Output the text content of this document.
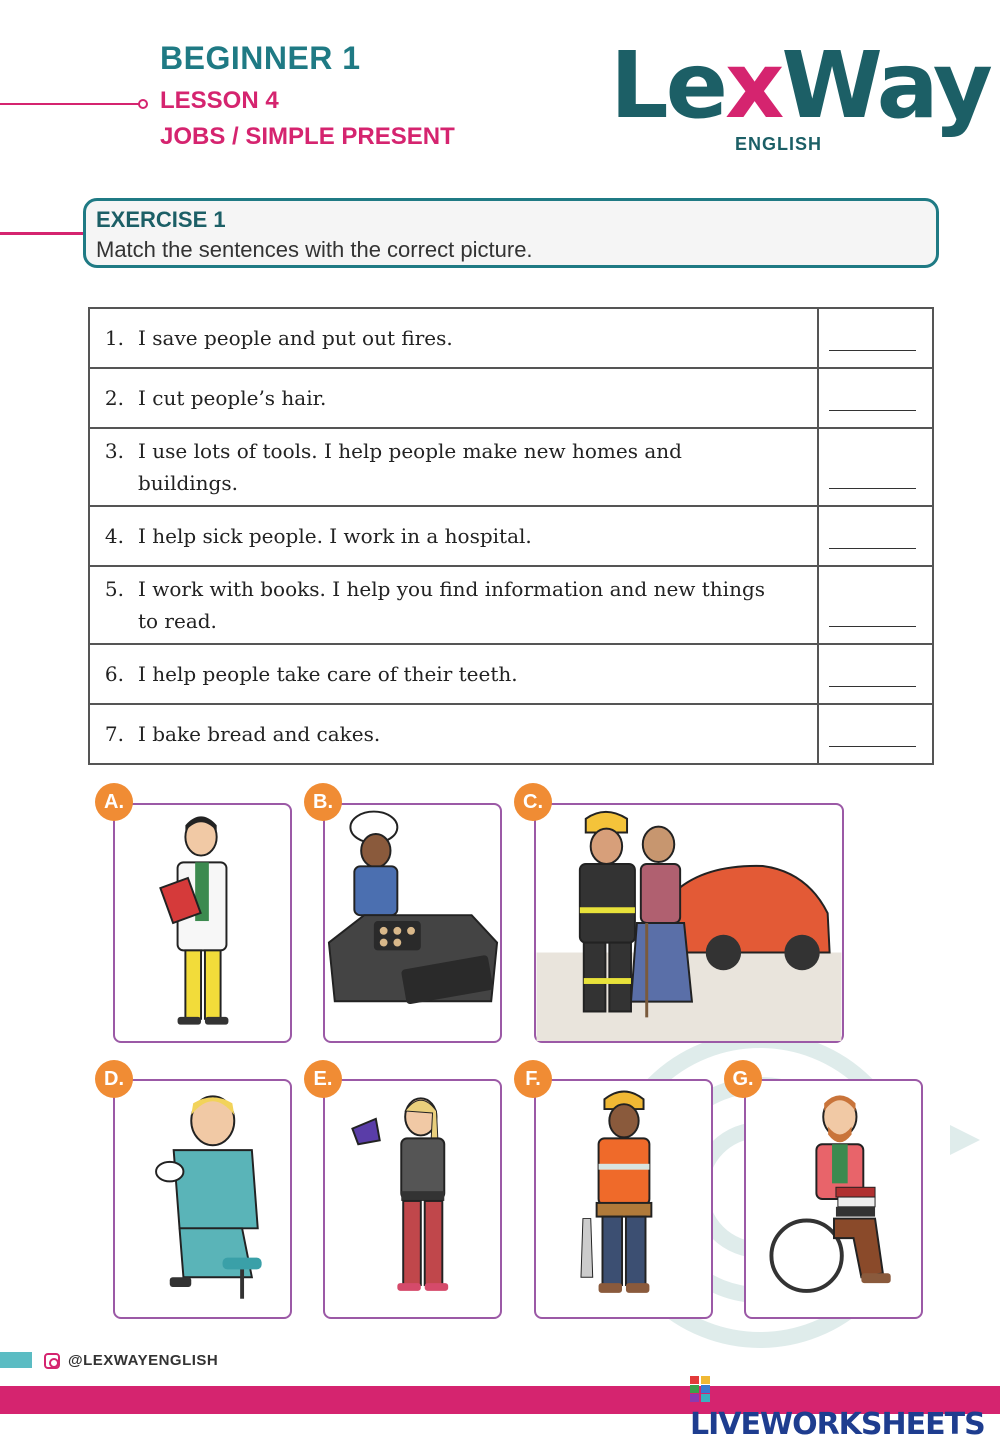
BEGINNER 1
LESSON 4
JOBS / SIMPLE PRESENT LexWay
ENGLISH
EXERCISE 1
Match the sentences with the correct picture.
1. I save people and put out fires.	

2. I cut people’s hair.	

3. I use lots of tools. I help people make new homes and buildings.	

4. I help sick people. I work in a hospital.	

5. I work with books. I help you find information and new things to read.	

6. I help people take care of their teeth.	

7. I bake bread and cakes.	
A.	B.	C.
D.	E.	F.	G.
@LEXWAYENGLISH
LIVEWORKSHEETS
